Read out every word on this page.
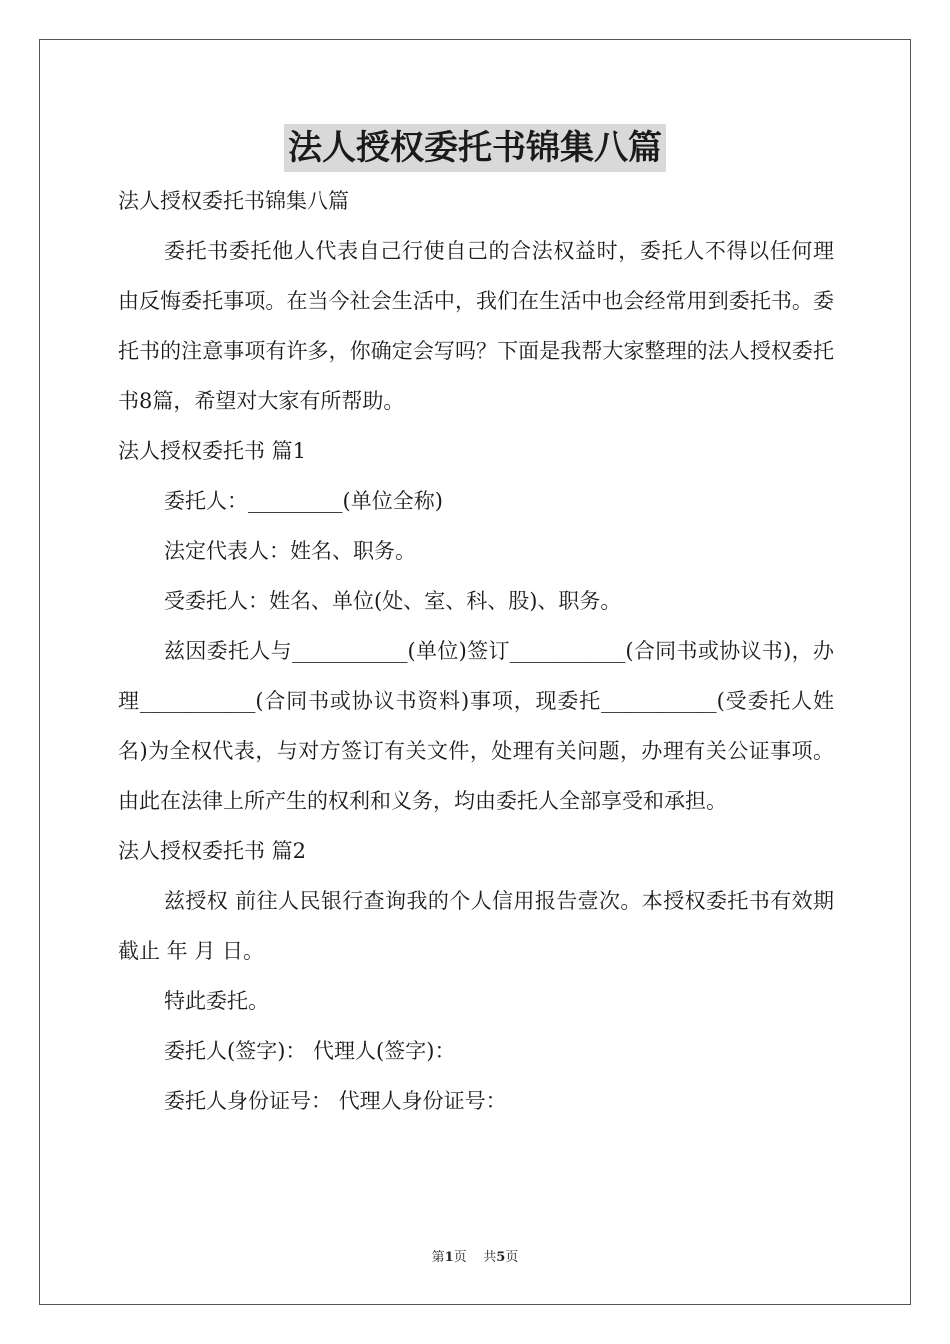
法人授权委托书锦集八篇

法人授权委托书锦集八篇

委托书委托他人代表自己行使自己的合法权益时，委托人不得以任何理由反悔委托事项。在当今社会生活中，我们在生活中也会经常用到委托书。委托书的注意事项有许多，你确定会写吗？下面是我帮大家整理的法人授权委托书8篇，希望对大家有所帮助。

法人授权委托书 篇1

委托人：_________(单位全称)

法定代表人：姓名、职务。

受委托人：姓名、单位(处、室、科、股)、职务。

兹因委托人与___________(单位)签订___________(合同书或协议书)，办理___________(合同书或协议书资料)事项，现委托___________(受委托人姓名)为全权代表，与对方签订有关文件，处理有关问题，办理有关公证事项。由此在法律上所产生的权利和义务，均由委托人全部享受和承担。

法人授权委托书 篇2

兹授权 前往人民银行查询我的个人信用报告壹次。本授权委托书有效期截止 年 月 日。

特此委托。

委托人(签字)： 代理人(签字)：

委托人身份证号： 代理人身份证号：

第1页 共5页
